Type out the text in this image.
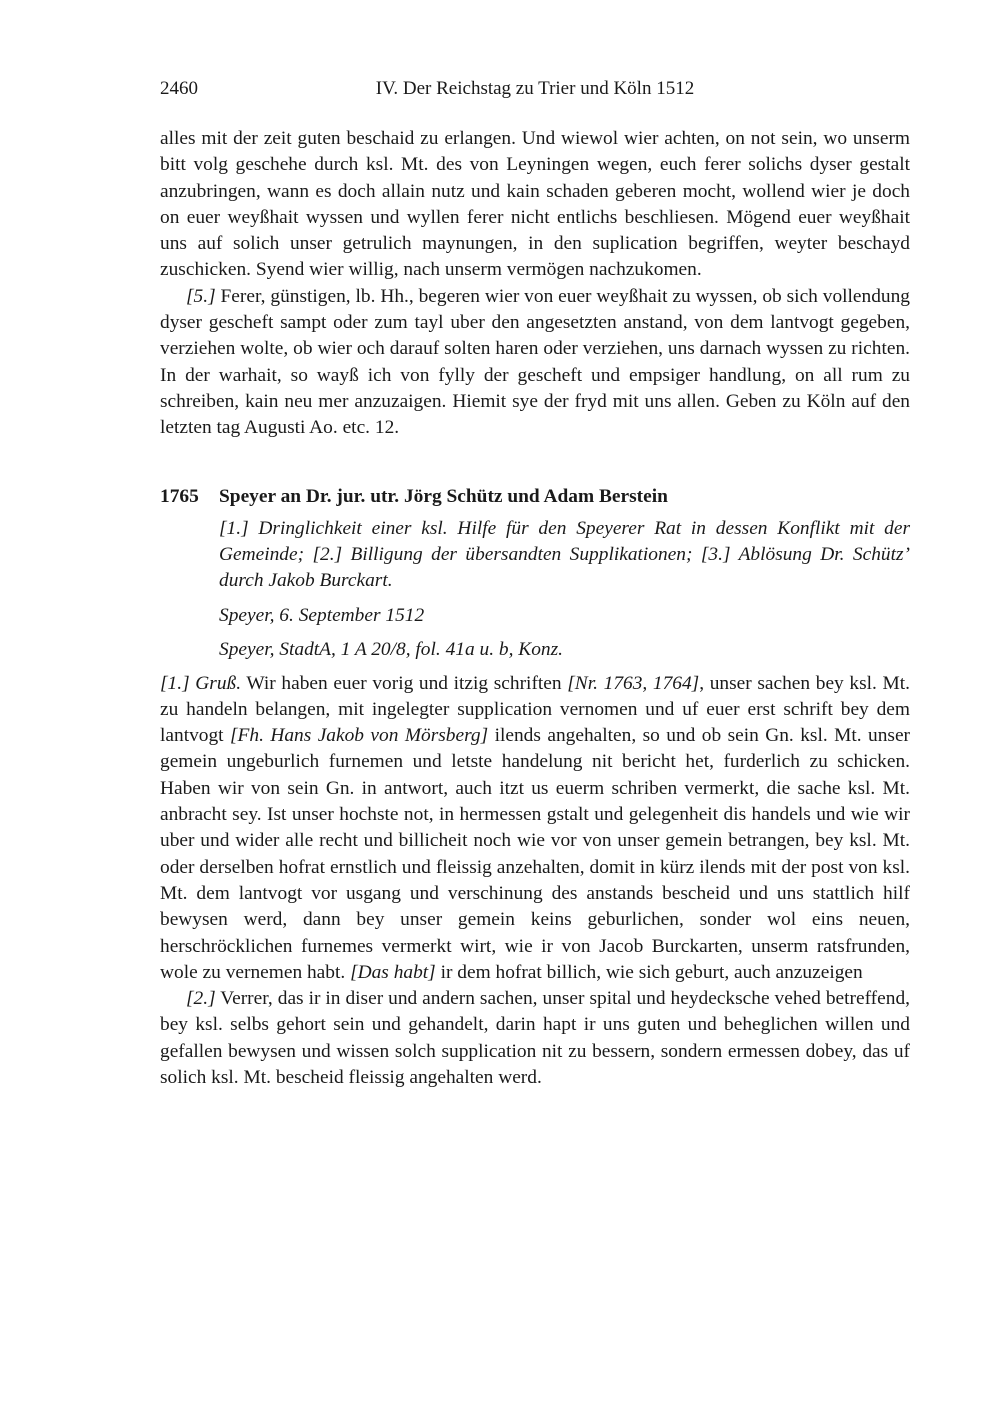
2460	IV. Der Reichstag zu Trier und Köln 1512

alles mit der zeit guten beschaid zu erlangen. Und wiewol wier achten, on not sein, wo unserm bitt volg geschehe durch ksl. Mt. des von Leyningen wegen, euch ferer solichs dyser gestalt anzubringen, wann es doch allain nutz und kain schaden geberen mocht, wollend wier je doch on euer weyßhait wyssen und wyllen ferer nicht entlichs beschliesen. Mögend euer weyßhait uns auf solich unser getrulich maynungen, in den suplication begriffen, weyter beschayd zuschicken. Syend wier willig, nach unserm vermögen nachzukomen.

[5.] Ferer, günstigen, lb. Hh., begeren wier von euer weyßhait zu wyssen, ob sich vollendung dyser gescheft sampt oder zum tayl uber den angesetzten anstand, von dem lantvogt gegeben, verziehen wolte, ob wier och darauf solten haren oder verziehen, uns darnach wyssen zu richten. In der warhait, so wayß ich von fylly der gescheft und empsiger handlung, on all rum zu schreiben, kain neu mer anzuzaigen. Hiemit sye der fryd mit uns allen. Geben zu Köln auf den letzten tag Augusti Ao. etc. 12.

1765	Speyer an Dr. jur. utr. Jörg Schütz und Adam Berstein

[1.] Dringlichkeit einer ksl. Hilfe für den Speyerer Rat in dessen Konflikt mit der Gemeinde; [2.] Billigung der übersandten Supplikationen; [3.] Ablösung Dr. Schütz’ durch Jakob Burckart.

Speyer, 6. September 1512

Speyer, StadtA, 1 A 20/8, fol. 41a u. b, Konz.

[1.] Gruß. Wir haben euer vorig und itzig schriften [Nr. 1763, 1764], unser sachen bey ksl. Mt. zu handeln belangen, mit ingelegter supplication vernomen und uf euer erst schrift bey dem lantvogt [Fh. Hans Jakob von Mörsberg] ilends angehalten, so und ob sein Gn. ksl. Mt. unser gemein ungeburlich furnemen und letste handelung nit bericht het, furderlich zu schicken. Haben wir von sein Gn. in antwort, auch itzt us euerm schriben vermerkt, die sache ksl. Mt. anbracht sey. Ist unser hochste not, in hermessen gstalt und gelegenheit dis handels und wie wir uber und wider alle recht und billicheit noch wie vor von unser gemein betrangen, bey ksl. Mt. oder derselben hofrat ernstlich und fleissig anzehalten, domit in kürz ilends mit der post von ksl. Mt. dem lantvogt vor usgang und verschinung des anstands bescheid und uns stattlich hilf bewysen werd, dann bey unser gemein keins geburlichen, sonder wol eins neuen, herschröcklichen furnemes vermerkt wirt, wie ir von Jacob Burckarten, unserm ratsfrunden, wole zu vernemen habt. [Das habt] ir dem hofrat billich, wie sich geburt, auch anzuzeigen

[2.] Verrer, das ir in diser und andern sachen, unser spital und heydecksche vehed betreffend, bey ksl. selbs gehort sein und gehandelt, darin hapt ir uns guten und beheglichen willen und gefallen bewysen und wissen solch supplication nit zu bessern, sondern ermessen dobey, das uf solich ksl. Mt. bescheid fleissig angehalten werd.
